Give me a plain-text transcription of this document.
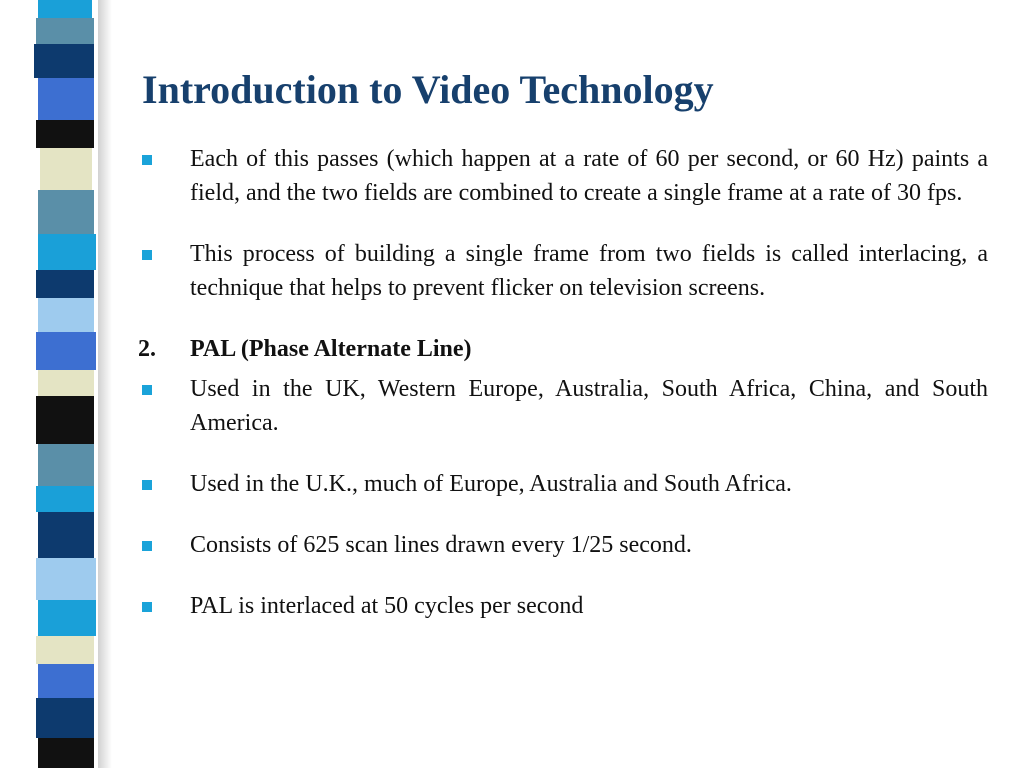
Introduction to Video Technology
Each of this passes (which happen at a rate of 60 per second, or 60 Hz) paints a field, and the two fields are combined to create a single frame at a rate of 30 fps.
This process of building a single frame from two fields is called interlacing, a technique that helps to prevent flicker on television screens.
2. PAL (Phase Alternate Line)
Used in the UK, Western Europe, Australia, South Africa, China, and South America.
Used in the U.K., much of Europe, Australia and South Africa.
Consists of 625 scan lines drawn every 1/25 second.
PAL is interlaced at 50 cycles per second
